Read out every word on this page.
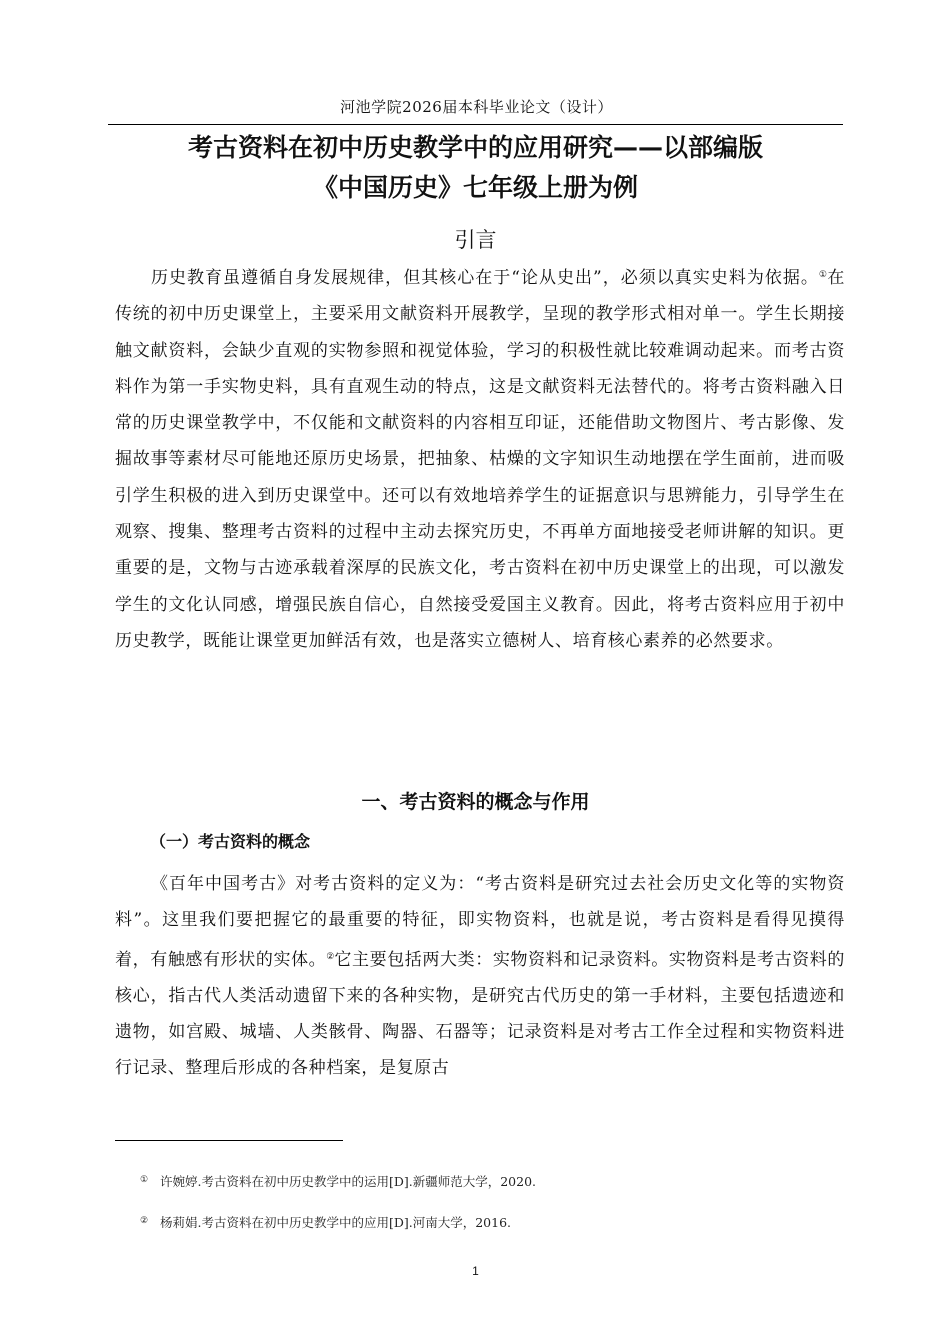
河池学院2026届本科毕业论文（设计）
考古资料在初中历史教学中的应用研究——以部编版
《中国历史》七年级上册为例
引言

历史教育虽遵循自身发展规律，但其核心在于“论从史出”，必须以真实史料为依据。①在传统的初中历史课堂上，主要采用文献资料开展教学，呈现的教学形式相对单一。学生长期接触文献资料，会缺少直观的实物参照和视觉体验，学习的积极性就比较难调动起来。而考古资料作为第一手实物史料，具有直观生动的特点，这是文献资料无法替代的。将考古资料融入日常的历史课堂教学中，不仅能和文献资料的内容相互印证，还能借助文物图片、考古影像、发掘故事等素材尽可能地还原历史场景，把抽象、枯燥的文字知识生动地摆在学生面前，进而吸引学生积极的进入到历史课堂中。还可以有效地培养学生的证据意识与思辨能力，引导学生在观察、搜集、整理考古资料的过程中主动去探究历史，不再单方面地接受老师讲解的知识。更重要的是，文物与古迹承载着深厚的民族文化，考古资料在初中历史课堂上的出现，可以激发学生的文化认同感，增强民族自信心，自然接受爱国主义教育。因此，将考古资料应用于初中历史教学，既能让课堂更加鲜活有效，也是落实立德树人、培育核心素养的必然要求。

一、考古资料的概念与作用
（一）考古资料的概念

《百年中国考古》对考古资料的定义为：“考古资料是研究过去社会历史文化等的实物资料”。这里我们要把握它的最重要的特征，即实物资料，也就是说，考古资料是看得见摸得着，有触感有形状的实体。②它主要包括两大类：实物资料和记录资料。实物资料是考古资料的核心，指古代人类活动遗留下来的各种实物，是研究古代历史的第一手材料，主要包括遗迹和遗物，如宫殿、城墙、人类骸骨、陶器、石器等；记录资料是对考古工作全过程和实物资料进行记录、整理后形成的各种档案，是复原古

① 许婉婷.考古资料在初中历史教学中的运用[D].新疆师范大学，2020.
② 杨莉娟.考古资料在初中历史教学中的应用[D].河南大学，2016.
1
